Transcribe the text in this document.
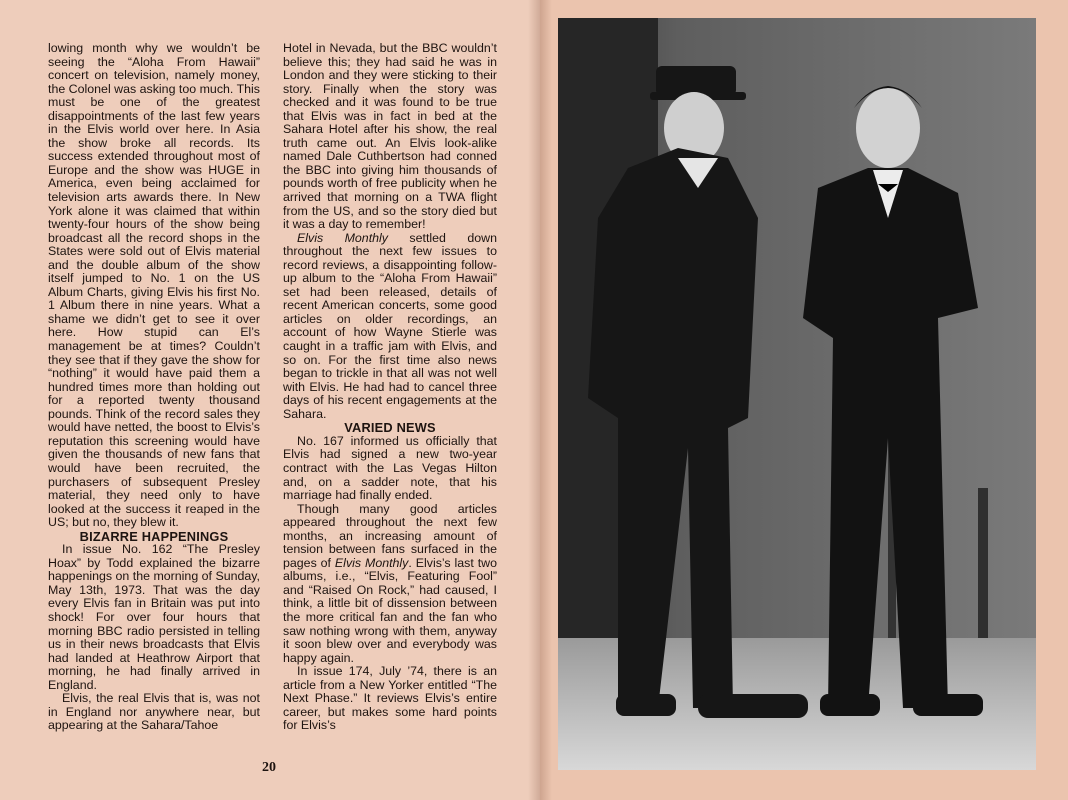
lowing month why we wouldn’t be seeing the “Aloha From Hawaii” concert on television, namely money, the Colonel was asking too much. This must be one of the greatest disappointments of the last few years in the Elvis world over here. In Asia the show broke all records. Its success extended throughout most of Europe and the show was HUGE in America, even being acclaimed for television arts awards there. In New York alone it was claimed that within twenty-four hours of the show being broadcast all the record shops in the States were sold out of Elvis material and the double album of the show itself jumped to No. 1 on the US Album Charts, giving Elvis his first No. 1 Album there in nine years. What a shame we didn’t get to see it over here. How stupid can El’s management be at times? Couldn’t they see that if they gave the show for “nothing” it would have paid them a hundred times more than holding out for a reported twenty thousand pounds. Think of the record sales they would have netted, the boost to Elvis’s reputation this screening would have given the thousands of new fans that would have been recruited, the purchasers of subsequent Presley material, they need only to have looked at the success it reaped in the US; but no, they blew it.

BIZARRE HAPPENINGS

In issue No. 162 “The Presley Hoax” by Todd explained the bizarre happenings on the morning of Sunday, May 13th, 1973. That was the day every Elvis fan in Britain was put into shock! For over four hours that morning BBC radio persisted in telling us in their news broadcasts that Elvis had landed at Heathrow Airport that morning, he had finally arrived in England.

Elvis, the real Elvis that is, was not in England nor anywhere near, but appearing at the Sahara/Tahoe

Hotel in Nevada, but the BBC wouldn’t believe this; they had said he was in London and they were sticking to their story. Finally when the story was checked and it was found to be true that Elvis was in fact in bed at the Sahara Hotel after his show, the real truth came out. An Elvis look-alike named Dale Cuthbertson had conned the BBC into giving him thousands of pounds worth of free publicity when he arrived that morning on a TWA flight from the US, and so the story died but it was a day to remember!

Elvis Monthly settled down throughout the next few issues to record reviews, a disappointing follow-up album to the “Aloha From Hawaii” set had been released, details of recent American concerts, some good articles on older recordings, an account of how Wayne Stierle was caught in a traffic jam with Elvis, and so on. For the first time also news began to trickle in that all was not well with Elvis. He had had to cancel three days of his recent engagements at the Sahara.

VARIED NEWS

No. 167 informed us officially that Elvis had signed a new two-year contract with the Las Vegas Hilton and, on a sadder note, that his marriage had finally ended.

Though many good articles appeared throughout the next few months, an increasing amount of tension between fans surfaced in the pages of Elvis Monthly. Elvis’s last two albums, i.e., “Elvis, Featuring Fool” and “Raised On Rock,” had caused, I think, a little bit of dissension between the more critical fan and the fan who saw nothing wrong with them, anyway it soon blew over and everybody was happy again.

In issue 174, July ’74, there is an article from a New Yorker entitled “The Next Phase.” It reviews Elvis’s entire career, but makes some hard points for Elvis’s

20
